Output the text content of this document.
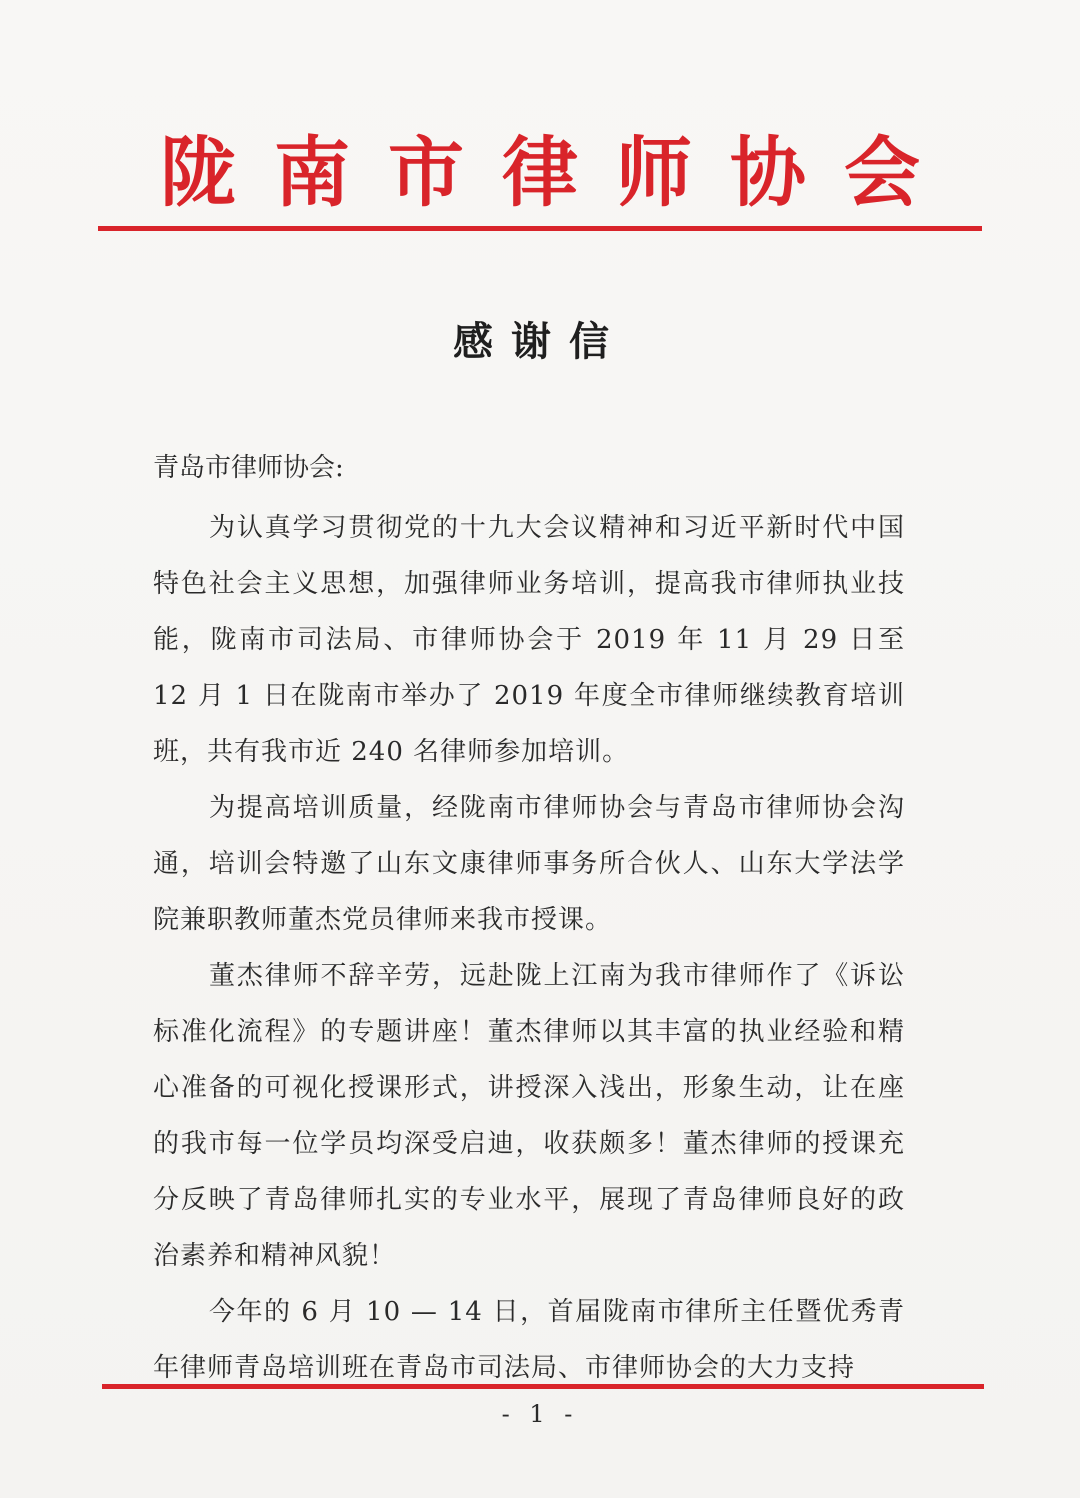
陇 南 市 律 师 协 会
感谢信
青岛市律师协会:

为认真学习贯彻党的十九大会议精神和习近平新时代中国特色社会主义思想，加强律师业务培训，提高我市律师执业技能，陇南市司法局、市律师协会于 2019 年 11 月 29 日至 12 月 1 日在陇南市举办了 2019 年度全市律师继续教育培训班，共有我市近 240 名律师参加培训。

为提高培训质量，经陇南市律师协会与青岛市律师协会沟通，培训会特邀了山东文康律师事务所合伙人、山东大学法学院兼职教师董杰党员律师来我市授课。

董杰律师不辞辛劳，远赴陇上江南为我市律师作了《诉讼标准化流程》的专题讲座！董杰律师以其丰富的执业经验和精心准备的可视化授课形式，讲授深入浅出，形象生动，让在座的我市每一位学员均深受启迪，收获颇多！董杰律师的授课充分反映了青岛律师扎实的专业水平，展现了青岛律师良好的政治素养和精神风貌！

今年的 6 月 10 — 14 日，首届陇南市律所主任暨优秀青年律师青岛培训班在青岛市司法局、市律师协会的大力支持

- 1 -
